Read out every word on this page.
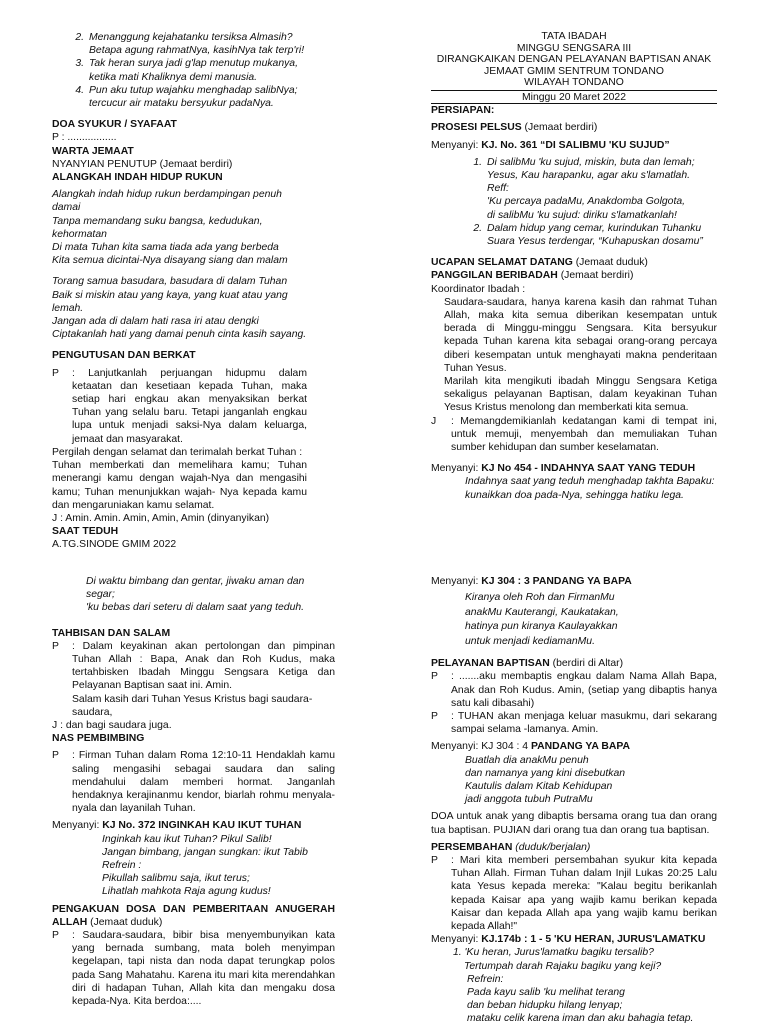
2. Menanggung kejahatanku tersiksa Almasih?
Betapa agung rahmatNya, kasihNya tak terp'ri!
3. Tak heran surya jadi g'lap menutup mukanya,
ketika mati Khaliknya demi manusia.
4. Pun aku tutup wajahku menghadap salibNya;
tercucur air mataku bersyukur padaNya.

DOA SYUKUR / SYAFAAT

P : .................

WARTA JEMAAT

NYANYIAN PENUTUP (Jemaat berdiri)

ALANGKAH INDAH HIDUP RUKUN

Alangkah indah hidup rukun berdampingan penuh damai
Tanpa memandang suku bangsa, kedudukan, kehormatan
Di mata Tuhan kita sama tiada ada yang berbeda
Kita semua dicintai-Nya disayang siang dan malam
Torang samua basudara, basudara di dalam Tuhan
Baik si miskin atau yang kaya, yang kuat atau yang lemah.
Jangan ada di dalam hati rasa iri atau dengki
Ciptakanlah hati yang damai penuh cinta kasih sayang.

PENGUTUSAN DAN BERKAT

P	: Lanjutkanlah perjuangan hidupmu dalam ketaatan dan kesetiaan kepada Tuhan, maka setiap hari engkau akan menyaksikan berkat Tuhan yang selalu baru. Tetapi janganlah engkau lupa untuk menjadi saksi-Nya dalam keluarga, jemaat dan masyarakat.

Pergilah dengan selamat dan terimalah berkat Tuhan :

Tuhan memberkati dan memelihara kamu; Tuhan menerangi kamu dengan wajah-Nya dan mengasihi kamu; Tuhan menunjukkan wajah- Nya kepada kamu dan mengaruniakan kamu selamat.

J : Amin. Amin. Amin, Amin, Amin (dinyanyikan)

SAAT TEDUH

A.TG.SINODE GMIM 2022

TATA IBADAH
MINGGU SENGSARA III
DIRANGKAIKAN DENGAN PELAYANAN BAPTISAN ANAK
JEMAAT GMIM SENTRUM TONDANO
WILAYAH TONDANO

Minggu 20 Maret 2022

PERSIAPAN:

PROSESI PELSUS (Jemaat berdiri)

Menyanyi: KJ. No. 361 “DI SALIBMU 'KU SUJUD”

1. Di salibMu 'ku sujud, miskin, buta dan lemah;
Yesus, Kau harapanku, agar aku s'lamatlah.
Reff:
'Ku percaya padaMu, Anakdomba Golgota,
di salibMu 'ku sujud: diriku s'lamatkanlah!
2. Dalam hidup yang cemar, kurindukan Tuhanku
Suara Yesus terdengar, “Kuhapuskan dosamu”

UCAPAN SELAMAT DATANG (Jemaat duduk)

PANGGILAN BERIBADAH (Jemaat berdiri)

Koordinator Ibadah :

Saudara-saudara, hanya karena kasih dan rahmat Tuhan Allah, maka kita semua diberikan kesempatan untuk berada di Minggu-minggu Sengsara. Kita bersyukur kepada Tuhan karena kita sebagai orang-orang percaya diberi kesempatan untuk menghayati makna penderitaan Tuhan Yesus.

Marilah kita mengikuti ibadah Minggu Sengsara Ketiga sekaligus pelayanan Baptisan, dalam keyakinan Tuhan Yesus Kristus menolong dan memberkati kita semua.

J	: Memangdemikianlah kedatangan kami di tempat ini, untuk memuji, menyembah dan memuliakan Tuhan sumber kehidupan dan sumber keselamatan.

Menyanyi: KJ No 454 - INDAHNYA SAAT YANG TEDUH

Indahnya saat yang teduh menghadap takhta Bapaku:
kunaikkan doa pada-Nya, sehingga hatiku lega.
Di waktu bimbang dan gentar, jiwaku aman dan segar;
'ku bebas dari seteru di dalam saat yang teduh.

TAHBISAN DAN SALAM

P	: Dalam keyakinan akan pertolongan dan pimpinan Tuhan Allah : Bapa, Anak dan Roh Kudus, maka tertahbisken Ibadah Minggu Sengsara Ketiga dan Pelayanan Baptisan saat ini. Amin.

Salam kasih dari Tuhan Yesus Kristus bagi saudara-saudara,

J : dan bagi saudara juga.

NAS PEMBIMBING

P	: Firman Tuhan dalam Roma 12:10-11 Hendaklah kamu saling mengasihi sebagai saudara dan saling mendahului dalam memberi hormat. Janganlah hendaknya kerajinanmu kendor, biarlah rohmu menyala-nyala dan layanilah Tuhan.

Menyanyi: KJ No. 372 INGINKAH KAU IKUT TUHAN

Inginkah kau ikut Tuhan? Pikul Salib!
Jangan bimbang, jangan sungkan: ikut Tabib
Refrein :
Pikullah salibmu saja, ikut terus;
Lihatlah mahkota Raja agung kudus!

PENGAKUAN DOSA DAN PEMBERITAAN ANUGERAH ALLAH (Jemaat duduk)

P	: Saudara-saudara, bibir bisa menyembunyikan kata yang bernada sumbang, mata boleh menyimpan kegelapan, tapi nista dan noda dapat terungkap polos pada Sang Mahatahu. Karena itu mari kita merendahkan diri di hadapan Tuhan, Allah kita dan mengaku dosa kepada-Nya. Kita berdoa:....

Menyanyi: KJ 304 : 3 PANDANG YA BAPA

Kiranya oleh Roh dan FirmanMu
anakMu Kauterangi, Kaukatakan,
hatinya pun kiranya Kaulayakkan
untuk menjadi kediamanMu.

PELAYANAN BAPTISAN (berdiri di Altar)

P	: .......aku membaptis engkau dalam Nama Allah Bapa, Anak dan Roh Kudus. Amin, (setiap yang dibaptis hanya satu kali dibasahi)
P	: TUHAN akan menjaga keluar masukmu, dari sekarang sampai selama -lamanya. Amin.

Menyanyi: KJ 304 : 4 PANDANG YA BAPA

Buatlah dia anakMu penuh
dan namanya yang kini disebutkan
Kautulis dalam Kitab Kehidupan
jadi anggota tubuh PutraMu

DOA untuk anak yang dibaptis bersama orang tua dan orang tua baptisan. PUJIAN dari orang tua dan orang tua baptisan.

PERSEMBAHAN (duduk/berjalan)

P	: Mari kita memberi persembahan syukur kita kepada Tuhan Allah. Firman Tuhan dalam Injil Lukas 20:25 Lalu kata Yesus kepada mereka: "Kalau begitu berikanlah kepada Kaisar apa yang wajib kamu berikan kepada Kaisar dan kepada Allah apa yang wajib kamu berikan kepada Allah!"

Menyanyi: KJ.174b : 1 - 5 'KU HERAN, JURUS'LAMATKU

1. 'Ku heran, Jurus'lamatku bagiku tersalib?
Tertumpah darah Rajaku bagiku yang keji?
Refrein:
Pada kayu salib 'ku melihat terang
dan beban hidupku hilang lenyap;
mataku celik karena iman dan aku bahagia tetap.
